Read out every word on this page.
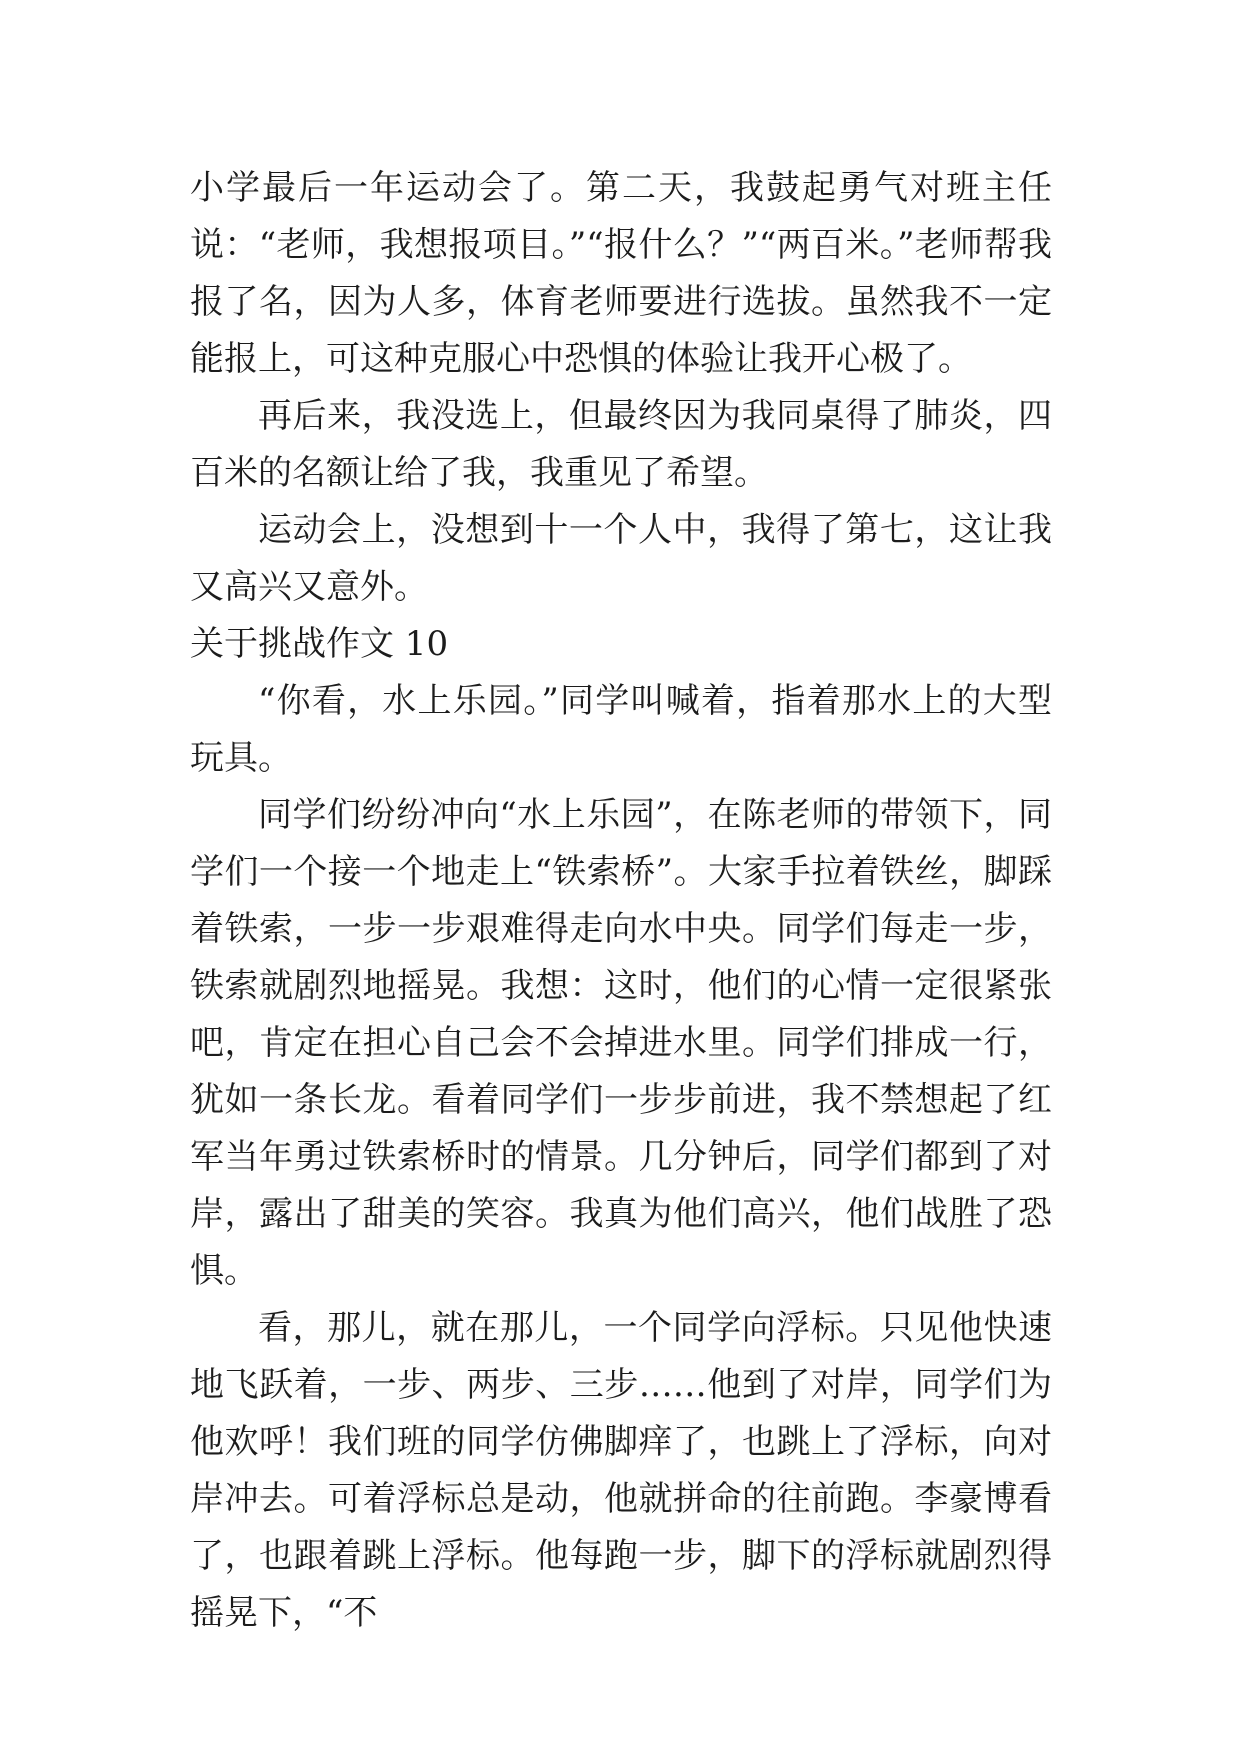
小学最后一年运动会了。第二天，我鼓起勇气对班主任说：“老师，我想报项目。”“报什么？”“两百米。”老师帮我报了名，因为人多，体育老师要进行选拔。虽然我不一定能报上，可这种克服心中恐惧的体验让我开心极了。

再后来，我没选上，但最终因为我同桌得了肺炎，四百米的名额让给了我，我重见了希望。

运动会上，没想到十一个人中，我得了第七，这让我又高兴又意外。

关于挑战作文 10

“你看，水上乐园。”同学叫喊着，指着那水上的大型玩具。

同学们纷纷冲向“水上乐园”，在陈老师的带领下，同学们一个接一个地走上“铁索桥”。大家手拉着铁丝，脚踩着铁索，一步一步艰难得走向水中央。同学们每走一步，铁索就剧烈地摇晃。我想：这时，他们的心情一定很紧张吧，肯定在担心自己会不会掉进水里。同学们排成一行，犹如一条长龙。看着同学们一步步前进，我不禁想起了红军当年勇过铁索桥时的情景。几分钟后，同学们都到了对岸，露出了甜美的笑容。我真为他们高兴，他们战胜了恐惧。

看，那儿，就在那儿，一个同学向浮标。只见他快速地飞跃着，一步、两步、三步……他到了对岸，同学们为他欢呼！我们班的同学仿佛脚痒了，也跳上了浮标，向对岸冲去。可着浮标总是动，他就拼命的往前跑。李豪博看了，也跟着跳上浮标。他每跑一步，脚下的浮标就剧烈得摇晃下，“不
